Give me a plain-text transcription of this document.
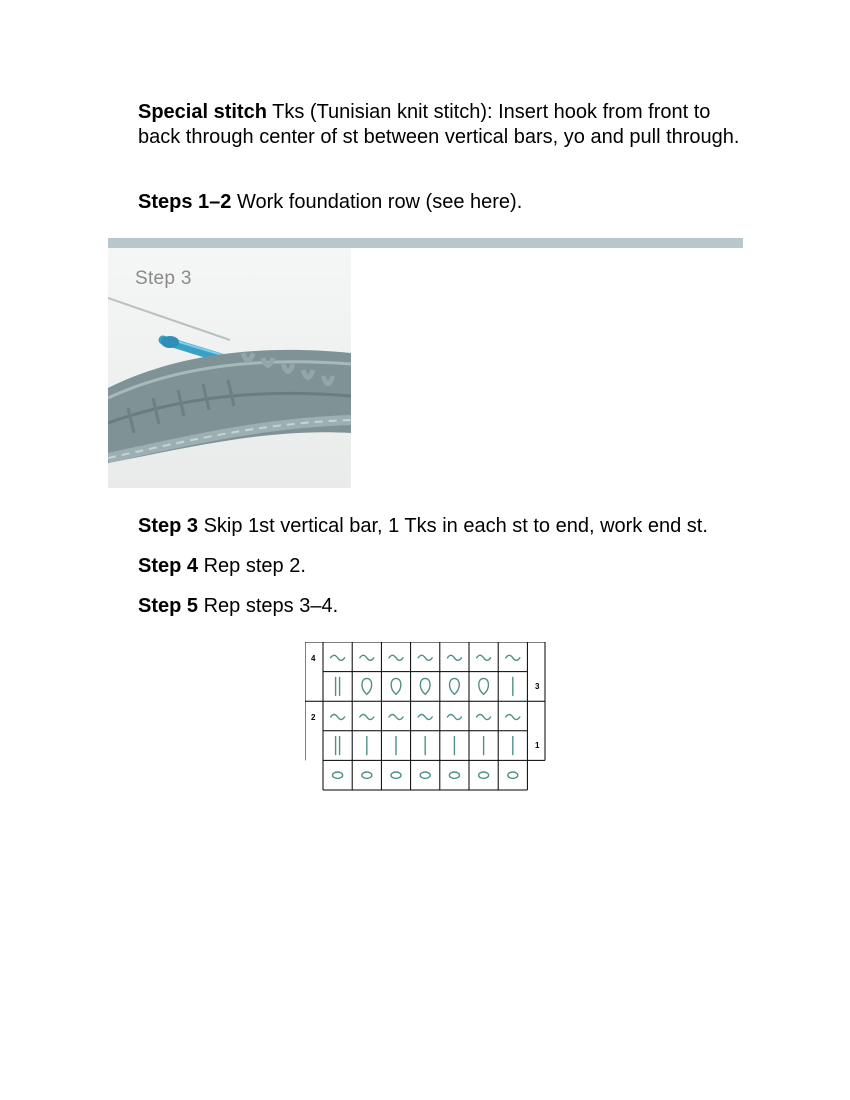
Special stitch Tks (Tunisian knit stitch): Insert hook from front to back through center of st between vertical bars, yo and pull through.

Steps 1–2 Work foundation row (see here).

Step 3

Step 3 Skip 1st vertical bar, 1 Tks in each st to end, work end st.

Step 4 Rep step 2.

Step 5 Rep steps 3–4.

4
3
2
1
